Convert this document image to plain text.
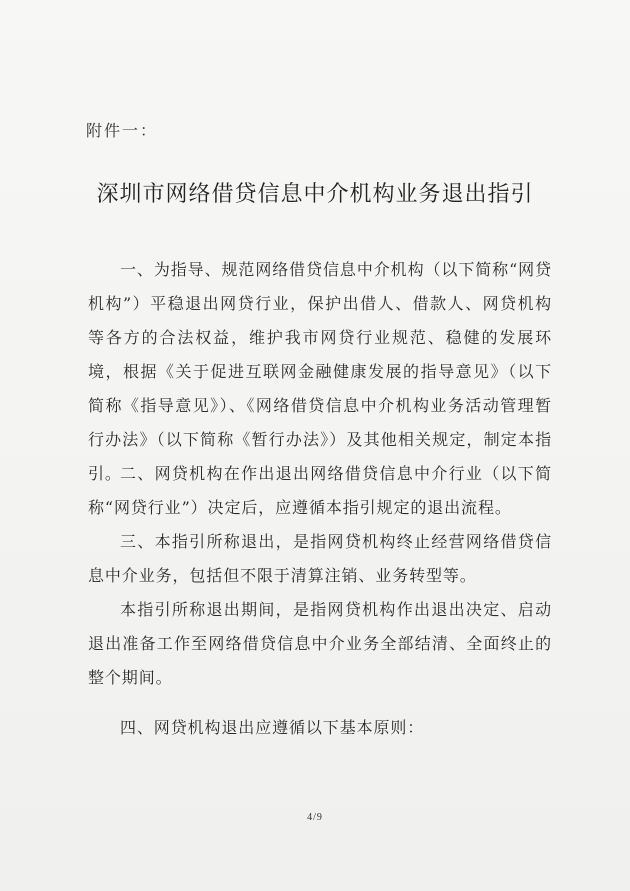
附件一：
深圳市网络借贷信息中介机构业务退出指引

一、为指导、规范网络借贷信息中介机构（以下简称“网贷机构”）平稳退出网贷行业，保护出借人、借款人、网贷机构等各方的合法权益，维护我市网贷行业规范、稳健的发展环境，根据《关于促进互联网金融健康发展的指导意见》（以下简称《指导意见》）、《网络借贷信息中介机构业务活动管理暂行办法》（以下简称《暂行办法》）及其他相关规定，制定本指引。

二、网贷机构在作出退出网络借贷信息中介行业（以下简称“网贷行业”）决定后，应遵循本指引规定的退出流程。

三、本指引所称退出，是指网贷机构终止经营网络借贷信息中介业务，包括但不限于清算注销、业务转型等。

本指引所称退出期间，是指网贷机构作出退出决定、启动退出准备工作至网络借贷信息中介业务全部结清、全面终止的整个期间。

四、网贷机构退出应遵循以下基本原则：

4/9
